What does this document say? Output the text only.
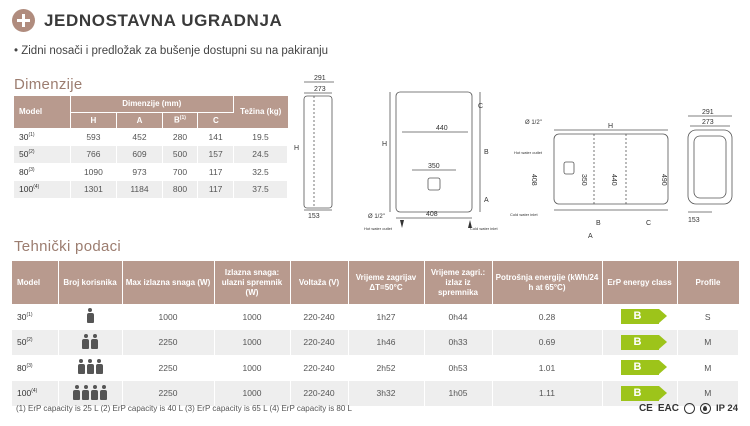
JEDNOSTAVNA UGRADNJA
• Zidni nosači i predložak za bušenje dostupni su na pakiranju
Dimenzije
Model	Dimenzije (mm)				Težina (kg)
	H	A	$B^{(1)}$	C	
30$^{(1)}$	593	452	280	141	19.5
50$^{(2)}$	766	609	500	157	24.5
80$^{(3)}$	1090	973	700	117	32.5
100$^{(4)}$	1301	1184	800	117	37.5
Tehnički podaci
Model	Broj korisnika	Max izlazna snaga (W)	Izlazna snaga: ulazni spremnik (W)	Voltaža (V)	Vrijeme zagrijav ΔT=50°C	Vrijeme zagri.: izlaz iz spremnika	Potrošnja energije (kWh/24 h at 65°C)	ErP energy class	Profile
30$^{(1)}$		1000	1000	220-240	1h27	0h44	0.28	B	S
50$^{(2)}$		2250	1000	220-240	1h46	0h33	0.69	B	M
80$^{(3)}$		2250	1000	220-240	2h52	0h53	1.01	B	M
100$^{(4)}$		2250	1000	220-240	3h32	1h05	1.11	B	M
(1) ErP capacity is 25 L (2) ErP capacity is 40 L (3) ErP capacity is 65 L (4) ErP capacity is 80 L	CE EAC	IP 24
291
273
153
H
440
350
408
Ø 1/2"
H
B
A
C
Hot water outlet	Cold water inlet
Ø 1/2"	H
Hot water outlet
Cold water inlet
408	350	440	490
B	C
A
291
273
153
